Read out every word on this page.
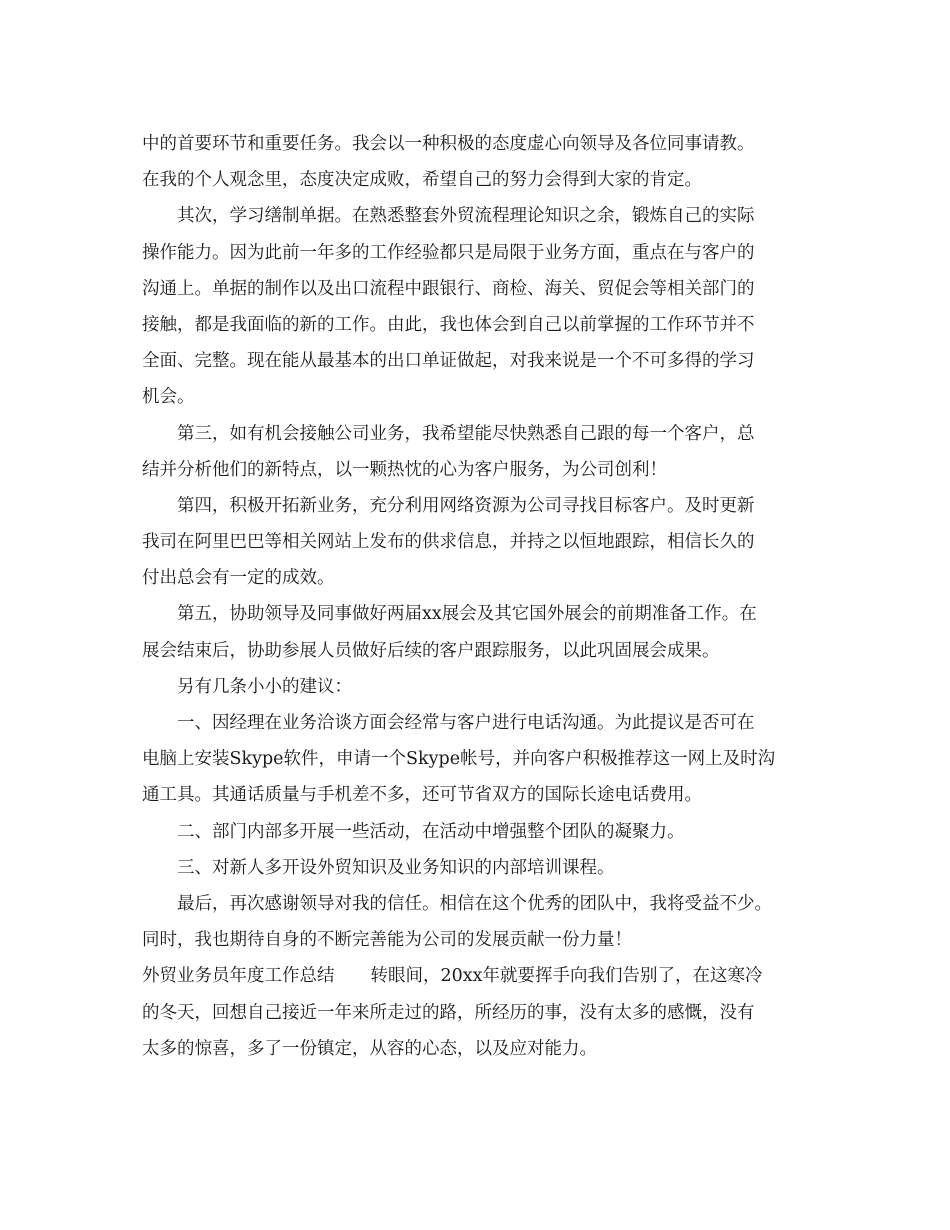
中的首要环节和重要任务。我会以一种积极的态度虚心向领导及各位同事请教。
在我的个人观念里，态度决定成败，希望自己的努力会得到大家的肯定。
其次，学习缮制单据。在熟悉整套外贸流程理论知识之余，锻炼自己的实际
操作能力。因为此前一年多的工作经验都只是局限于业务方面，重点在与客户的
沟通上。单据的制作以及出口流程中跟银行、商检、海关、贸促会等相关部门的
接触，都是我面临的新的工作。由此，我也体会到自己以前掌握的工作环节并不
全面、完整。现在能从最基本的出口单证做起，对我来说是一个不可多得的学习
机会。
第三，如有机会接触公司业务，我希望能尽快熟悉自己跟的每一个客户，总
结并分析他们的新特点，以一颗热忱的心为客户服务，为公司创利！
第四，积极开拓新业务，充分利用网络资源为公司寻找目标客户。及时更新
我司在阿里巴巴等相关网站上发布的供求信息，并持之以恒地跟踪，相信长久的
付出总会有一定的成效。
第五，协助领导及同事做好两届xx展会及其它国外展会的前期准备工作。在
展会结束后，协助参展人员做好后续的客户跟踪服务，以此巩固展会成果。
另有几条小小的建议：
一、因经理在业务洽谈方面会经常与客户进行电话沟通。为此提议是否可在
电脑上安装Skype软件，申请一个Skype帐号，并向客户积极推荐这一网上及时沟
通工具。其通话质量与手机差不多，还可节省双方的国际长途电话费用。
二、部门内部多开展一些活动，在活动中增强整个团队的凝聚力。
三、对新人多开设外贸知识及业务知识的内部培训课程。
最后，再次感谢领导对我的信任。相信在这个优秀的团队中，我将受益不少。
同时，我也期待自身的不断完善能为公司的发展贡献一份力量！
外贸业务员年度工作总结 转眼间，20xx年就要挥手向我们告别了，在这寒冷
的冬天，回想自己接近一年来所走过的路，所经历的事，没有太多的感慨，没有
太多的惊喜，多了一份镇定，从容的心态，以及应对能力。
